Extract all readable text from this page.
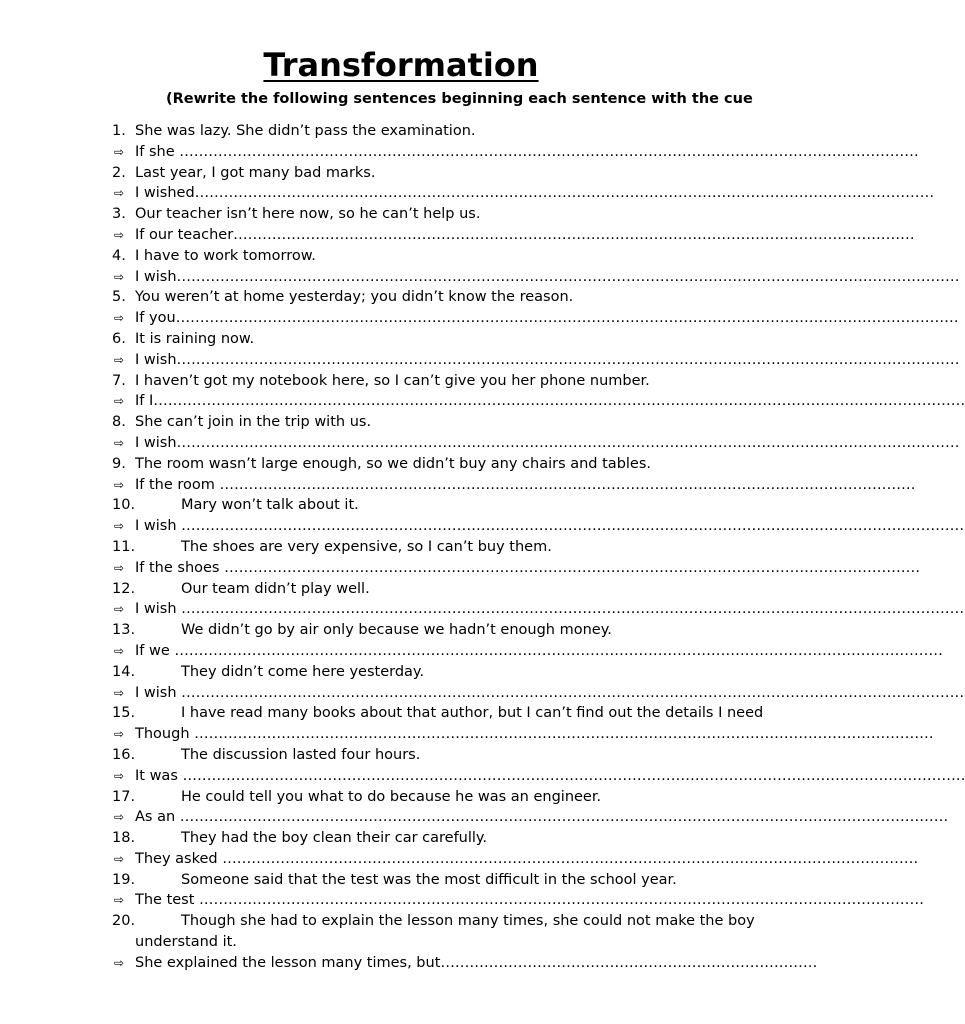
Transformation
(Rewrite the following sentences beginning each sentence with the cue
1. She was lazy. She didn’t pass the examination.
⇨ If she ………………………………………………………………………………………………………………………………………
2. Last year, I got many bad marks.
⇨ I wished………………………………………………………………………………………………………………………………………
3. Our teacher isn’t here now, so he can’t help us.
⇨ If our teacher……………………………………………………………………………………………………………………………
4. I have to work tomorrow.
⇨ I wish………………………………………………………………………………………………………………………………………………
5. You weren’t at home yesterday; you didn’t know the reason.
⇨ If you………………………………………………………………………………………………………………………………………………
6. It is raining now.
⇨ I wish………………………………………………………………………………………………………………………………………………
7. I haven’t got my notebook here, so I can’t give you her phone number.
⇨ If I……………………………………………………………………………………………………………………………………………………
8. She can’t join in the trip with us.
⇨ I wish………………………………………………………………………………………………………………………………………………
9. The room wasn’t large enough, so we didn’t buy any chairs and tables.
⇨ If the room ………………………………………………………………………………………………………………………………
10.	Mary won’t talk about it.
⇨ I wish ………………………………………………………………………………………………………………………………………………
11.	The shoes are very expensive, so I can’t buy them.
⇨ If the shoes ………………………………………………………………………………………………………………………………
12.	Our team didn’t play well.
⇨ I wish ………………………………………………………………………………………………………………………………………………
13.	We didn’t go by air only because we hadn’t enough money.
⇨ If we ……………………………………………………………………………………………………………………………………………
14.	They didn’t come here yesterday.
⇨ I wish ………………………………………………………………………………………………………………………………………………
15.	I have read many books about that author, but I can’t find out the details I need
⇨ Though ………………………………………………………………………………………………………………………………………
16.	The discussion lasted four hours.
⇨ It was ………………………………………………………………………………………………………………………………………………
17.	He could tell you what to do because he was an engineer.
⇨ As an ……………………………………………………………………………………………………………………………………………
18.	They had the boy clean their car carefully.
⇨ They asked ………………………………………………………………………………………………………………………………
19.	Someone said that the test was the most difficult in the school year.
⇨ The test ……………………………………………………………………………………………………………………………………
20.	Though she had to explain the lesson many times, she could not make the boy
understand it.
⇨ She explained the lesson many times, but……………………………………………………………………
